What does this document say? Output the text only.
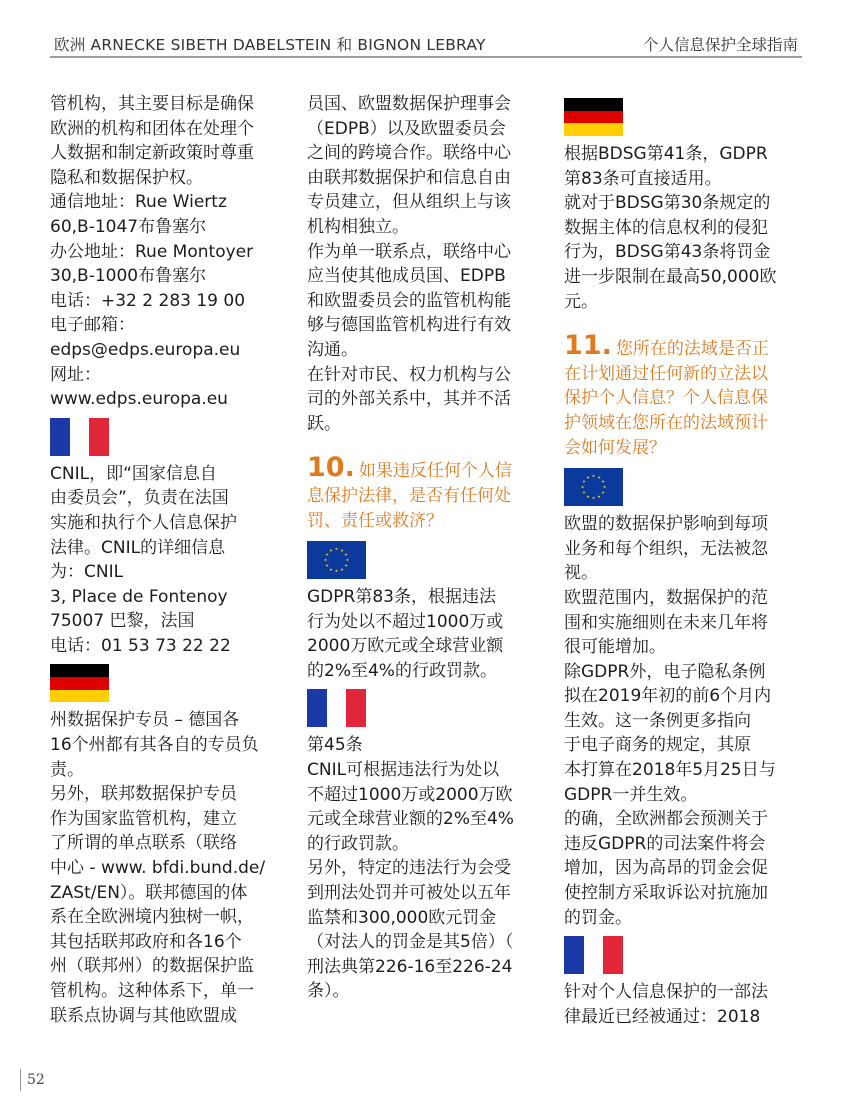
欧洲 ARNECKE SIBETH DABELSTEIN 和 BIGNON LEBRAY	个人信息保护全球指南

管机构，其主要目标是确保

欧洲的机构和团体在处理个

人数据和制定新政策时尊重

隐私和数据保护权。

通信地址：Rue Wiertz

60,B-1047布鲁塞尔

办公地址：Rue Montoyer

30,B-1000布鲁塞尔

电话：+32 2 283 19 00

电子邮箱：

edps@edps.europa.eu

网址：

www.edps.europa.eu

CNIL，即“国家信息自

由委员会”，负责在法国

实施和执行个人信息保护

法律。CNIL的详细信息

为：CNIL

3, Place de Fontenoy

75007 巴黎，法国

电话：01 53 73 22 22

州数据保护专员 – 德国各

16个州都有其各自的专员负

责。

另外，联邦数据保护专员

作为国家监管机构，建立

了所谓的单点联系（联络

中心 - www. bfdi.bund.de/

ZASt/EN）。联邦德国的体

系在全欧洲境内独树一帜，

其包括联邦政府和各16个

州（联邦州）的数据保护监

管机构。这种体系下，单一

联系点协调与其他欧盟成

员国、欧盟数据保护理事会

（EDPB）以及欧盟委员会

之间的跨境合作。联络中心

由联邦数据保护和信息自由

专员建立，但从组织上与该

机构相独立。

作为单一联系点，联络中心

应当使其他成员国、EDPB

和欧盟委员会的监管机构能

够与德国监管机构进行有效

沟通。

在针对市民、权力机构与公

司的外部关系中，其并不活

跃。

10. 如果违反任何个人信
息保护法律，是否有任何处
罚、责任或救济？

GDPR第83条，根据违法

行为处以不超过1000万或

2000万欧元或全球营业额

的2%至4%的行政罚款。

第45条

CNIL可根据违法行为处以

不超过1000万或2000万欧

元或全球营业额的2%至4%

的行政罚款。

另外，特定的违法行为会受

到刑法处罚并可被处以五年

监禁和300,000欧元罚金

（对法人的罚金是其5倍）（

刑法典第226-16至226-24

条）。

根据BDSG第41条，GDPR

第83条可直接适用。

就对于BDSG第30条规定的

数据主体的信息权利的侵犯

行为，BDSG第43条将罚金

进一步限制在最高50,000欧

元。

11. 您所在的法域是否正
在计划通过任何新的立法以
保护个人信息？个人信息保
护领域在您所在的法域预计
会如何发展？

欧盟的数据保护影响到每项

业务和每个组织，无法被忽

视。

欧盟范围内，数据保护的范

围和实施细则在未来几年将

很可能增加。

除GDPR外，电子隐私条例

拟在2019年初的前6个月内

生效。这一条例更多指向

于电子商务的规定，其原

本打算在2018年5月25日与

GDPR一并生效。

的确，全欧洲都会预测关于

违反GDPR的司法案件将会

增加，因为高昂的罚金会促

使控制方采取诉讼对抗施加

的罚金。

针对个人信息保护的一部法

律最近已经被通过：2018

52
